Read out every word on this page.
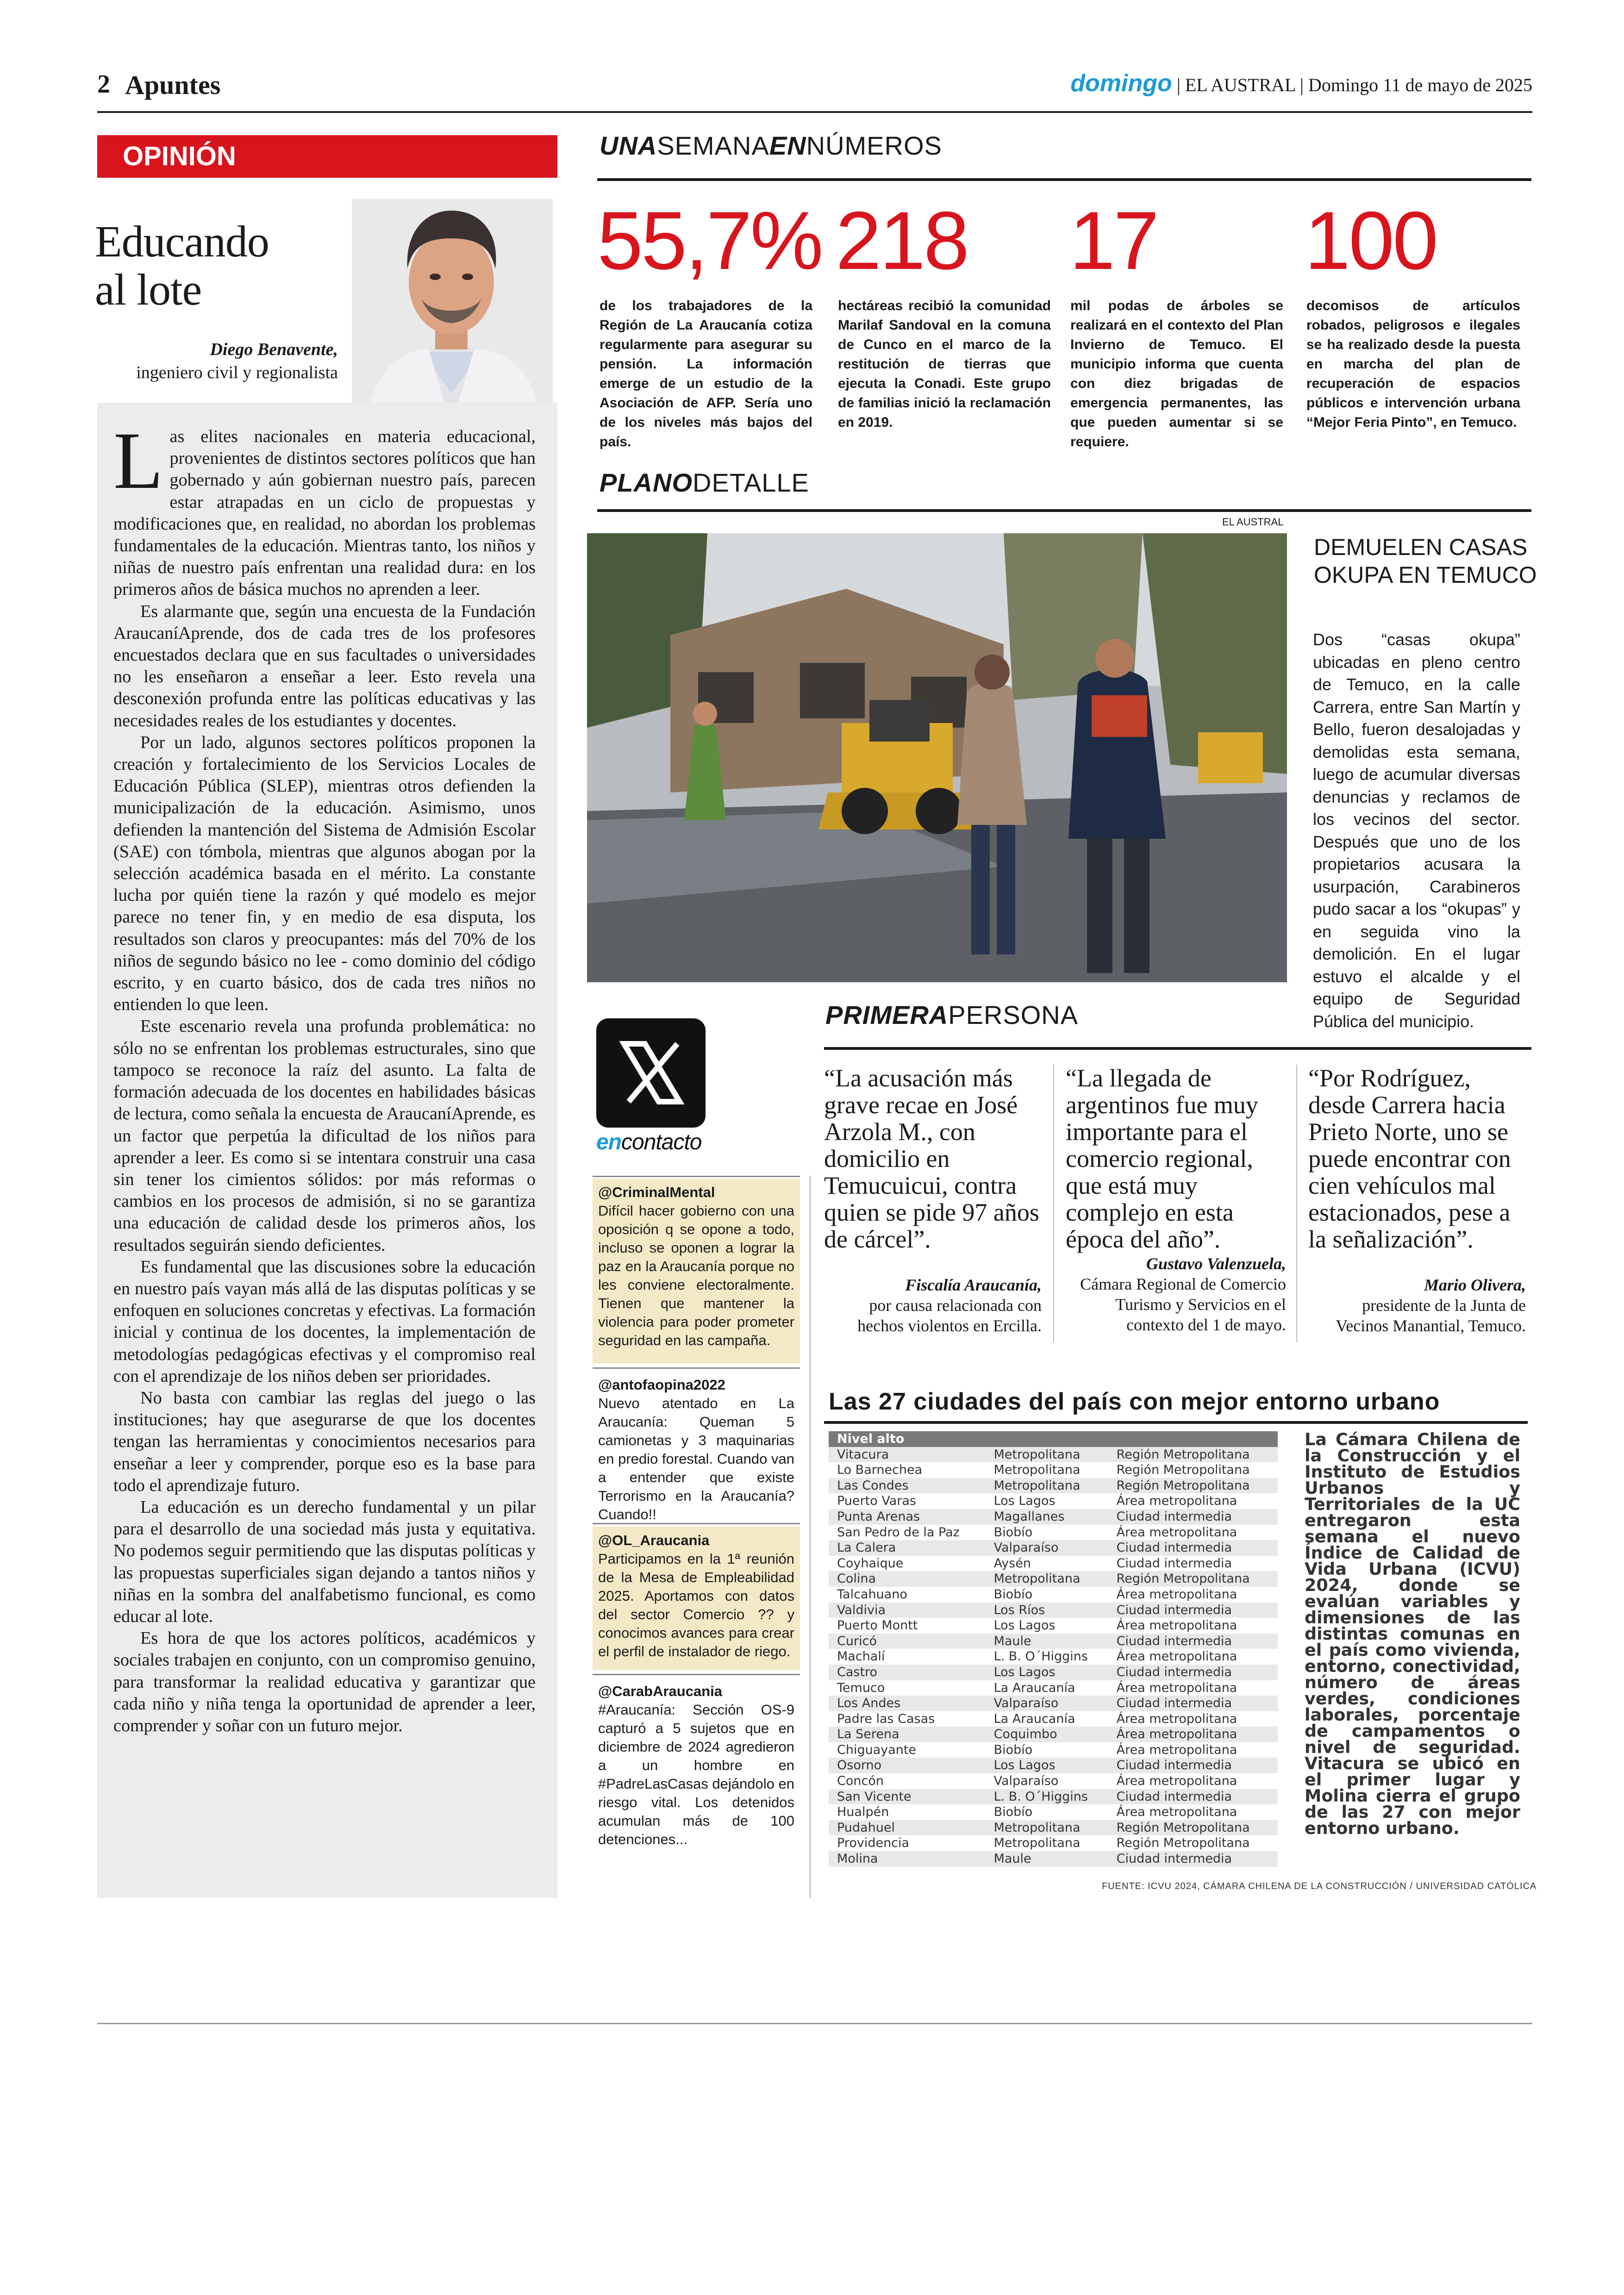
2 Apuntes	domingo | EL AUSTRAL | Domingo 11 de mayo de 2025
OPINIÓN
Educando
al lote
Diego Benavente,
ingeniero civil y regionalista

Las elites nacionales en materia educacional, provenientes de distintos sectores políticos que han gobernado y aún gobiernan nuestro país, parecen estar atrapadas en un ciclo de propuestas y modificaciones que, en realidad, no abordan los problemas fundamentales de la educación. Mientras tanto, los niños y niñas de nuestro país enfrentan una realidad dura: en los primeros años de básica muchos no aprenden a leer.

Es alarmante que, según una encuesta de la Fundación AraucaníAprende, dos de cada tres de los profesores encuestados declara que en sus facultades o universidades no les enseñaron a enseñar a leer. Esto revela una desconexión profunda entre las políticas educativas y las necesidades reales de los estudiantes y docentes.

Por un lado, algunos sectores políticos proponen la creación y fortalecimiento de los Servicios Locales de Educación Pública (SLEP), mientras otros defienden la municipalización de la educación. Asimismo, unos defienden la mantención del Sistema de Admisión Escolar (SAE) con tómbola, mientras que algunos abogan por la selección académica basada en el mérito. La constante lucha por quién tiene la razón y qué modelo es mejor parece no tener fin, y en medio de esa disputa, los resultados son claros y preocupantes: más del 70% de los niños de segundo básico no lee - como dominio del código escrito, y en cuarto básico, dos de cada tres niños no entienden lo que leen.

Este escenario revela una profunda problemática: no sólo no se enfrentan los problemas estructurales, sino que tampoco se reconoce la raíz del asunto. La falta de formación adecuada de los docentes en habilidades básicas de lectura, como señala la encuesta de AraucaníAprende, es un factor que perpetúa la dificultad de los niños para aprender a leer. Es como si se intentara construir una casa sin tener los cimientos sólidos: por más reformas o cambios en los procesos de admisión, si no se garantiza una educación de calidad desde los primeros años, los resultados seguirán siendo deficientes.

Es fundamental que las discusiones sobre la educación en nuestro país vayan más allá de las disputas políticas y se enfoquen en soluciones concretas y efectivas. La formación inicial y continua de los docentes, la implementación de metodologías pedagógicas efectivas y el compromiso real con el aprendizaje de los niños deben ser prioridades.

No basta con cambiar las reglas del juego o las instituciones; hay que asegurarse de que los docentes tengan las herramientas y conocimientos necesarios para enseñar a leer y comprender, porque eso es la base para todo el aprendizaje futuro.

La educación es un derecho fundamental y un pilar para el desarrollo de una sociedad más justa y equitativa. No podemos seguir permitiendo que las disputas políticas y las propuestas superficiales sigan dejando a tantos niños y niñas en la sombra del analfabetismo funcional, es como educar al lote.

Es hora de que los actores políticos, académicos y sociales trabajen en conjunto, con un compromiso genuino, para transformar la realidad educativa y garantizar que cada niño y niña tenga la oportunidad de aprender a leer, comprender y soñar con un futuro mejor.

UNASEMANAENNÚMEROS
55,7%
de los trabajadores de la Región de La Araucanía cotiza regularmente para asegurar su pensión. La información emerge de un estudio de la Asociación de AFP. Sería uno de los niveles más bajos del país.
218
hectáreas recibió la comunidad Marilaf Sandoval en la comuna de Cunco en el marco de la restitución de tierras que ejecuta la Conadi. Este grupo de familias inició la reclamación en 2019.
17
mil podas de árboles se realizará en el contexto del Plan Invierno de Temuco. El municipio informa que cuenta con diez brigadas de emergencia permanentes, las que pueden aumentar si se requiere.
100
decomisos de artículos robados, peligrosos e ilegales se ha realizado desde la puesta en marcha del plan de recuperación de espacios públicos e intervención urbana “Mejor Feria Pinto”, en Temuco.
PLANODETALLE
EL AUSTRAL
DEMUELEN CASAS
OKUPA EN TEMUCO
Dos “casas okupa” ubicadas en pleno centro de Temuco, en la calle Carrera, entre San Martín y Bello, fueron desalojadas y demolidas esta semana, luego de acumular diversas denuncias y reclamos de los vecinos del sector. Después que uno de los propietarios acusara la usurpación, Carabineros pudo sacar a los “okupas” y en seguida vino la demolición. En el lugar estuvo el alcalde y el equipo de Seguridad Pública del municipio.
encontacto
@CriminalMental
Difícil hacer gobierno con una oposición q se opone a todo, incluso se oponen a lograr la paz en la Araucanía porque no les conviene electoralmente. Tienen que mantener la violencia para poder prometer seguridad en las campaña.
@antofaopina2022
Nuevo atentado en La Araucanía: Queman 5 camionetas y 3 maquinarias en predio forestal. Cuando van a entender que existe Terrorismo en la Araucanía? Cuando!!
@OL_Araucania
Participamos en la 1ª reunión de la Mesa de Empleabilidad 2025. Aportamos con datos del sector Comercio ?? y conocimos avances para crear el perfil de instalador de riego.
@CarabAraucania
#Araucanía: Sección OS-9 capturó a 5 sujetos que en diciembre de 2024 agredieron a un hombre en #PadreLasCasas dejándolo en riesgo vital. Los detenidos acumulan más de 100 detenciones...
PRIMERAPERSONA
“La acusación más grave recae en José Arzola M., con domicilio en Temucuicui, contra quien se pide 97 años de cárcel”.
Fiscalía Araucanía,
por causa relacionada con hechos violentos en Ercilla.
“La llegada de argentinos fue muy importante para el comercio regional, que está muy complejo en esta época del año”.
Gustavo Valenzuela,
Cámara Regional de Comercio Turismo y Servicios en el contexto del 1 de mayo.
“Por Rodríguez, desde Carrera hacia Prieto Norte, uno se puede encontrar con cien vehículos mal estacionados, pese a la señalización”.
Mario Olivera,
presidente de la Junta de Vecinos Manantial, Temuco.
Las 27 ciudades del país con mejor entorno urbano
Nivel alto		
Vitacura	Metropolitana	Región Metropolitana
Lo Barnechea	Metropolitana	Región Metropolitana
Las Condes	Metropolitana	Región Metropolitana
Puerto Varas	Los Lagos	Área metropolitana
Punta Arenas	Magallanes	Ciudad intermedia
San Pedro de la Paz	Biobío	Área metropolitana
La Calera	Valparaíso	Ciudad intermedia
Coyhaique	Aysén	Ciudad intermedia
Colina	Metropolitana	Región Metropolitana
Talcahuano	Biobío	Área metropolitana
Valdivia	Los Ríos	Ciudad intermedia
Puerto Montt	Los Lagos	Área metropolitana
Curicó	Maule	Ciudad intermedia
Machalí	L. B. O´Higgins	Área metropolitana
Castro	Los Lagos	Ciudad intermedia
Temuco	La Araucanía	Área metropolitana
Los Andes	Valparaíso	Ciudad intermedia
Padre las Casas	La Araucanía	Área metropolitana
La Serena	Coquimbo	Área metropolitana
Chiguayante	Biobío	Área metropolitana
Osorno	Los Lagos	Ciudad intermedia
Concón	Valparaíso	Área metropolitana
San Vicente	L. B. O´Higgins	Ciudad intermedia
Hualpén	Biobío	Área metropolitana
Pudahuel	Metropolitana	Región Metropolitana
Providencia	Metropolitana	Región Metropolitana
Molina	Maule	Ciudad intermedia
La Cámara Chilena de la Construcción y el Instituto de Estudios Urbanos y Territoriales de la UC entregaron esta semana el nuevo Índice de Calidad de Vida Urbana (ICVU) 2024, donde se evalúan variables y dimensiones de las distintas comunas en el país como vivienda, entorno, conectividad, número de áreas verdes, condiciones laborales, porcentaje de campamentos o nivel de seguridad. Vitacura se ubicó en el primer lugar y Molina cierra el grupo de las 27 con mejor entorno urbano.
FUENTE: ICVU 2024, CÁMARA CHILENA DE LA CONSTRUCCIÓN / UNIVERSIDAD CATÓLICA
